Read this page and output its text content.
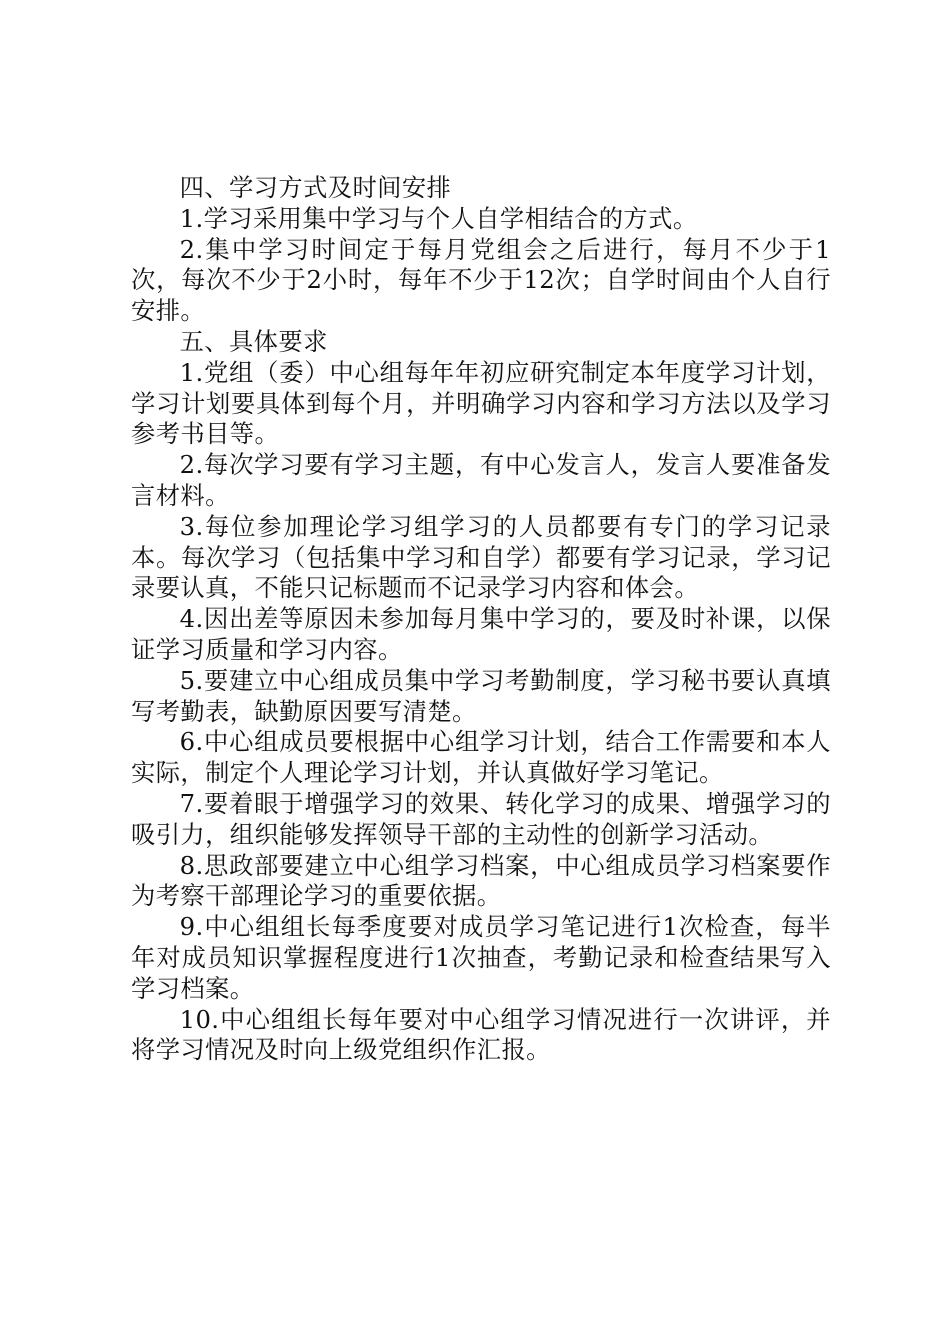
四、学习方式及时间安排

1.学习采用集中学习与个人自学相结合的方式。

2.集中学习时间定于每月党组会之后进行，每月不少于1次，每次不少于2小时，每年不少于12次；自学时间由个人自行安排。

五、具体要求

1.党组（委）中心组每年年初应研究制定本年度学习计划，学习计划要具体到每个月，并明确学习内容和学习方法以及学习参考书目等。

2.每次学习要有学习主题，有中心发言人，发言人要准备发言材料。

3.每位参加理论学习组学习的人员都要有专门的学习记录本。每次学习（包括集中学习和自学）都要有学习记录，学习记录要认真，不能只记标题而不记录学习内容和体会。

4.因出差等原因未参加每月集中学习的，要及时补课，以保证学习质量和学习内容。

5.要建立中心组成员集中学习考勤制度，学习秘书要认真填写考勤表，缺勤原因要写清楚。

6.中心组成员要根据中心组学习计划，结合工作需要和本人实际，制定个人理论学习计划，并认真做好学习笔记。

7.要着眼于增强学习的效果、转化学习的成果、增强学习的吸引力，组织能够发挥领导干部的主动性的创新学习活动。

8.思政部要建立中心组学习档案，中心组成员学习档案要作为考察干部理论学习的重要依据。

9.中心组组长每季度要对成员学习笔记进行1次检查，每半年对成员知识掌握程度进行1次抽查，考勤记录和检查结果写入学习档案。

10.中心组组长每年要对中心组学习情况进行一次讲评，并将学习情况及时向上级党组织作汇报。
